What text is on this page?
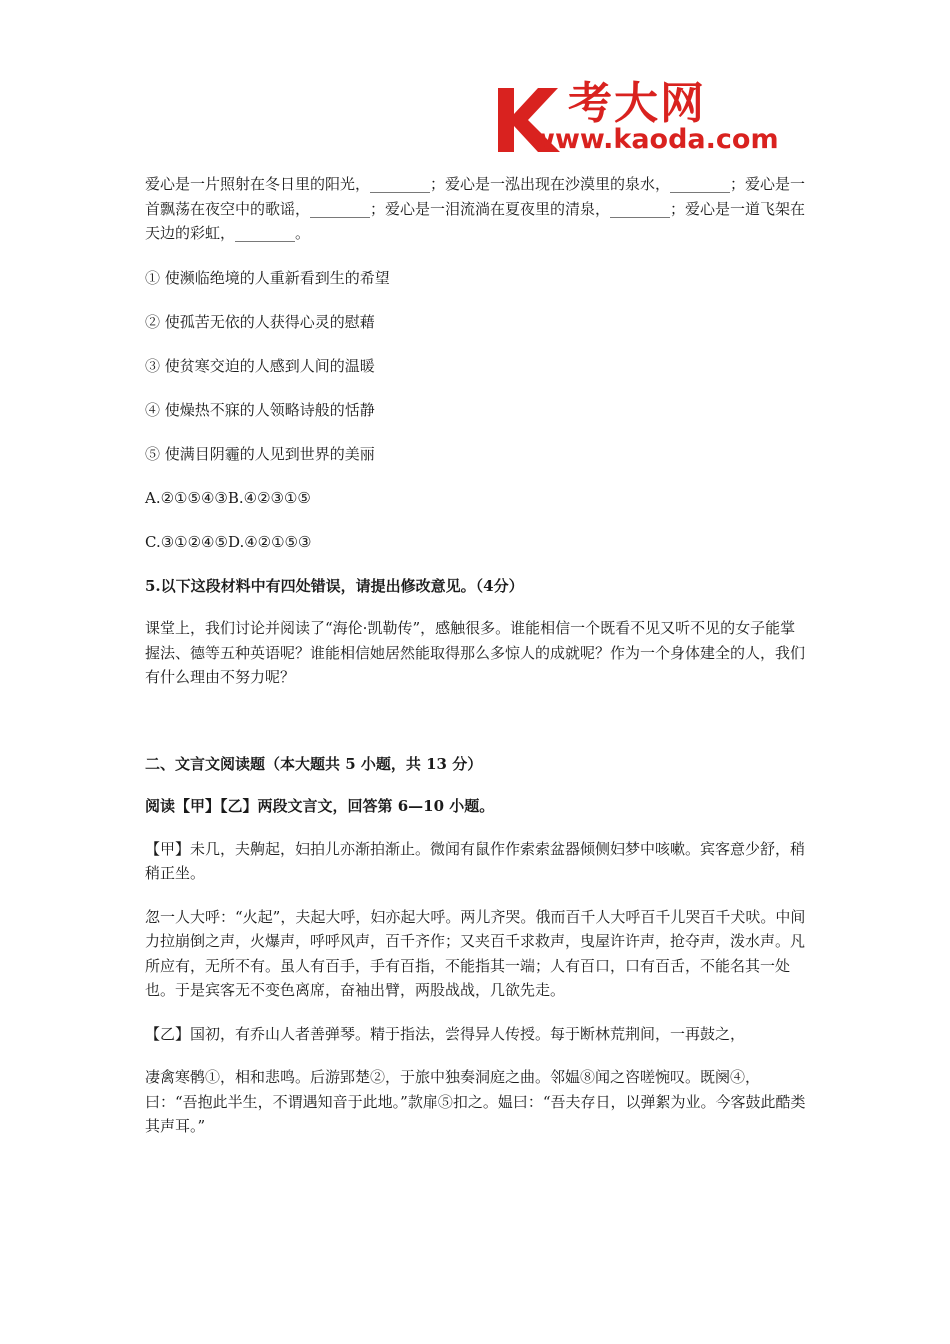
考大网
www.kaoda.com

爱心是一片照射在冬日里的阳光，________；爱心是一泓出现在沙漠里的泉水，________；爱心是一首飘荡在夜空中的歌谣，________；爱心是一泪流淌在夏夜里的清泉，________；爱心是一道飞架在天边的彩虹，________。

① 使濒临绝境的人重新看到生的希望

② 使孤苦无依的人获得心灵的慰藉

③ 使贫寒交迫的人感到人间的温暖

④ 使燥热不寐的人领略诗般的恬静

⑤ 使满目阴霾的人见到世界的美丽

A.②①⑤④③B.④②③①⑤

C.③①②④⑤D.④②①⑤③

5.以下这段材料中有四处错误，请提出修改意见。（4分）

课堂上，我们讨论并阅读了“海伦·凯勒传”，感触很多。谁能相信一个既看不见又听不见的女子能掌握法、德等五种英语呢？谁能相信她居然能取得那么多惊人的成就呢？作为一个身体建全的人，我们有什么理由不努力呢？

二、文言文阅读题（本大题共 5 小题，共 13 分）

阅读【甲】【乙】两段文言文，回答第 6—10 小题。

【甲】未几，夫齁起，妇拍儿亦渐拍渐止。微闻有鼠作作索索盆器倾侧妇梦中咳嗽。宾客意少舒，稍稍正坐。

忽一人大呼：“火起”，夫起大呼，妇亦起大呼。两儿齐哭。俄而百千人大呼百千儿哭百千犬吠。中间力拉崩倒之声，火爆声，呼呼风声，百千齐作；又夹百千求救声，曳屋许许声，抢夺声，泼水声。凡所应有，无所不有。虽人有百手，手有百指，不能指其一端；人有百口，口有百舌，不能名其一处也。于是宾客无不变色离席，奋袖出臂，两股战战，几欲先走。

【乙】国初，有乔山人者善弹琴。精于指法，尝得异人传授。每于断林荒荆间，一再鼓之，

凄禽寒鹘①，相和悲鸣。后游郢楚②，于旅中独奏洞庭之曲。邻媪⑧闻之咨嗟惋叹。既阕④，曰：“吾抱此半生，不谓遇知音于此地。”款扉⑤扣之。媪曰：“吾夫存日，以弹絮为业。今客鼓此酷类其声耳。”
